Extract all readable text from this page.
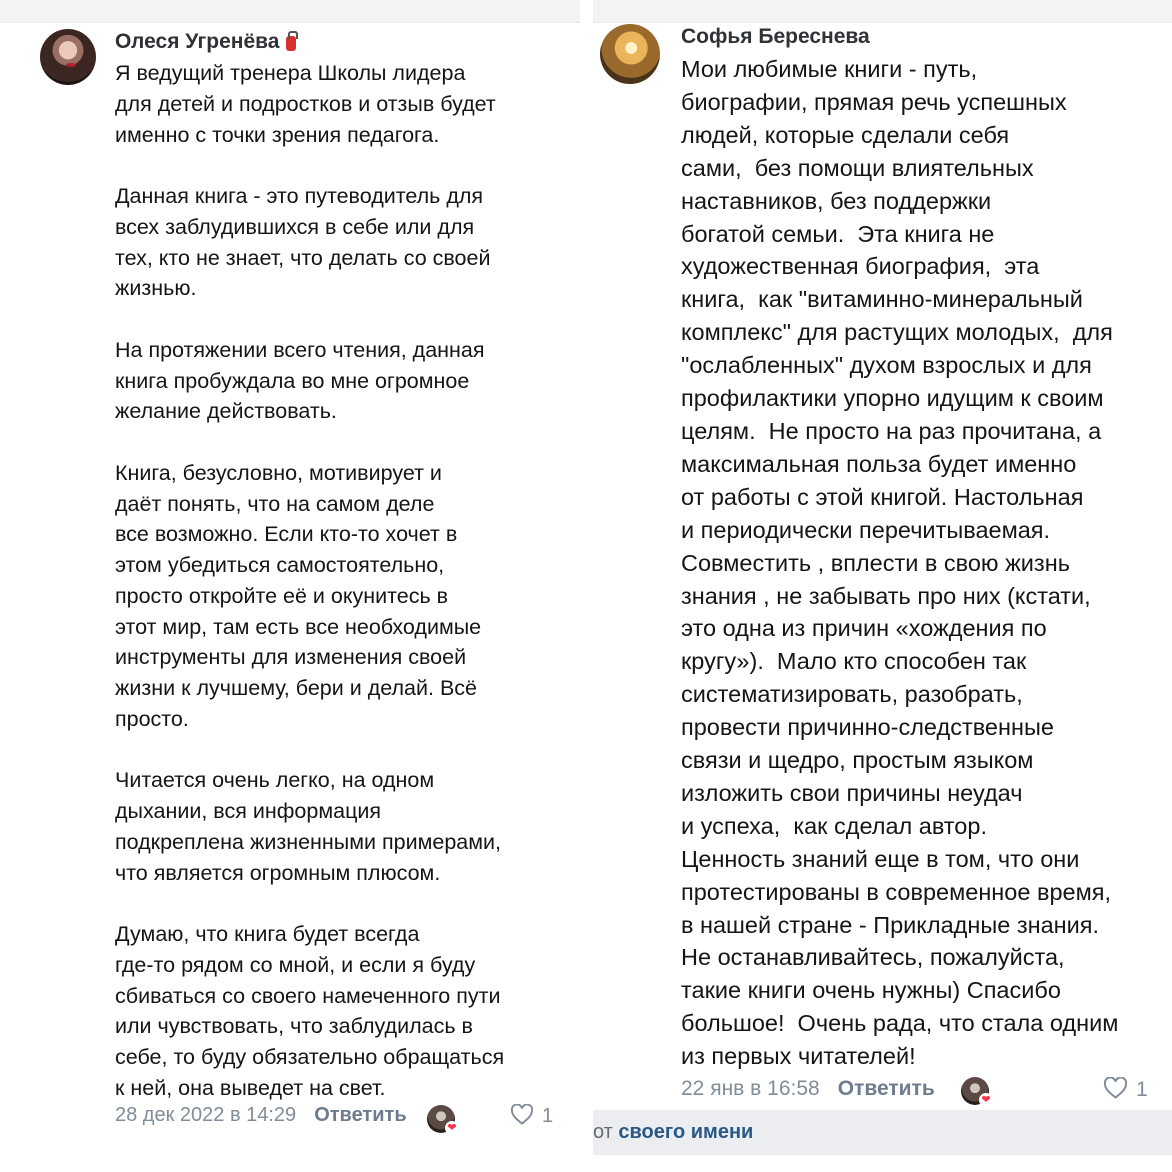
Олеся Угренёва

Я ведущий тренера Школы лидера
для детей и подростков и отзыв будет
именно с точки зрения педагога.

Данная книга - это путеводитель для
всех заблудившихся в себе или для
тех, кто не знает, что делать со своей
жизнью.

На протяжении всего чтения, данная
книга пробуждала во мне огромное
желание действовать.

Книга, безусловно, мотивирует и
даёт понять, что на самом деле
все возможно. Если кто-то хочет в
этом убедиться самостоятельно,
просто откройте её и окунитесь в
этот мир, там есть все необходимые
инструменты для изменения своей
жизни к лучшему, бери и делай. Всё
просто.

Читается очень легко, на одном
дыхании, вся информация
подкреплена жизненными примерами,
что является огромным плюсом.

Думаю, что книга будет всегда
где-то рядом со мной, и если я буду
сбиваться со своего намеченного пути
или чувствовать, что заблудилась в
себе, то буду обязательно обращаться
к ней, она выведет на свет.

28 дек 2022 в 14:29 Ответить
❤
1
Софья Береснева

Мои любимые книги - путь,
биографии, прямая речь успешных
людей, которые сделали себя
сами,  без помощи влиятельных
наставников, без поддержки
богатой семьи.  Эта книга не
художественная биография,  эта
книга,  как "витаминно-минеральный
комплекс" для растущих молодых,  для
"ослабленных" духом взрослых и для
профилактики упорно идущим к своим
целям.  Не просто на раз прочитана, а
максимальная польза будет именно
от работы с этой книгой. Настольная
и периодически перечитываемая.
Совместить , вплести в свою жизнь
знания , не забывать про них (кстати,
это одна из причин «хождения по
кругу»).  Мало кто способен так
систематизировать, разобрать,
провести причинно-следственные
связи и щедро, простым языком
изложить свои причины неудач
и успеха,  как сделал автор.
Ценность знаний еще в том, что они
протестированы в современное время,
в нашей стране - Прикладные знания.
Не останавливайтесь, пожалуйста,
такие книги очень нужны) Спасибо
большое!  Очень рада, что стала одним
из первых читателей!

22 янв в 16:58 Ответить	❤	1
от своего имени
